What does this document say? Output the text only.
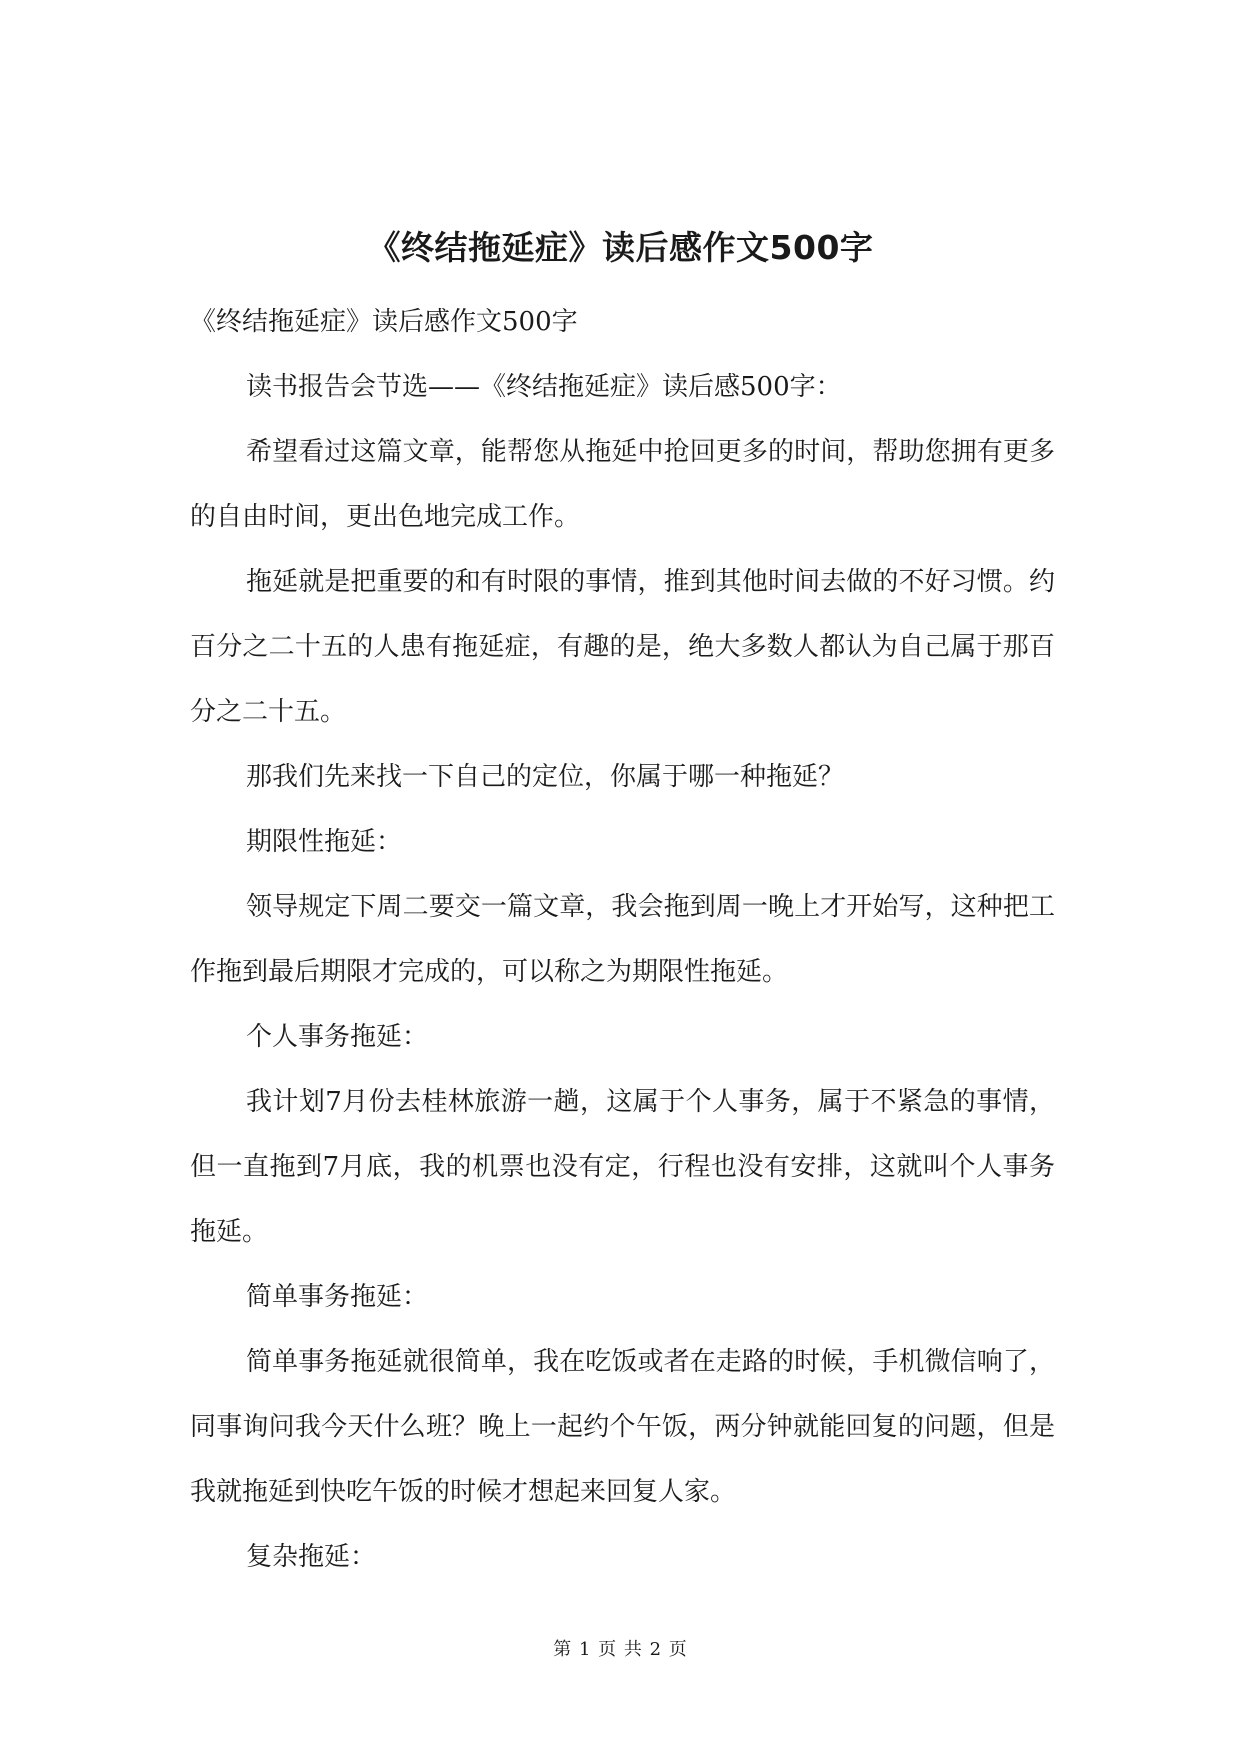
《终结拖延症》读后感作文500字

《终结拖延症》读后感作文500字

读书报告会节选——《终结拖延症》读后感500字：

希望看过这篇文章，能帮您从拖延中抢回更多的时间，帮助您拥有更多的自由时间，更出色地完成工作。

拖延就是把重要的和有时限的事情，推到其他时间去做的不好习惯。约百分之二十五的人患有拖延症，有趣的是，绝大多数人都认为自己属于那百分之二十五。

那我们先来找一下自己的定位，你属于哪一种拖延？

期限性拖延：

领导规定下周二要交一篇文章，我会拖到周一晚上才开始写，这种把工作拖到最后期限才完成的，可以称之为期限性拖延。

个人事务拖延：

我计划7月份去桂林旅游一趟，这属于个人事务，属于不紧急的事情，但一直拖到7月底，我的机票也没有定，行程也没有安排，这就叫个人事务拖延。

简单事务拖延：

简单事务拖延就很简单，我在吃饭或者在走路的时候，手机微信响了，同事询问我今天什么班？晚上一起约个午饭，两分钟就能回复的问题，但是我就拖延到快吃午饭的时候才想起来回复人家。

复杂拖延：

第 1 页 共 2 页
